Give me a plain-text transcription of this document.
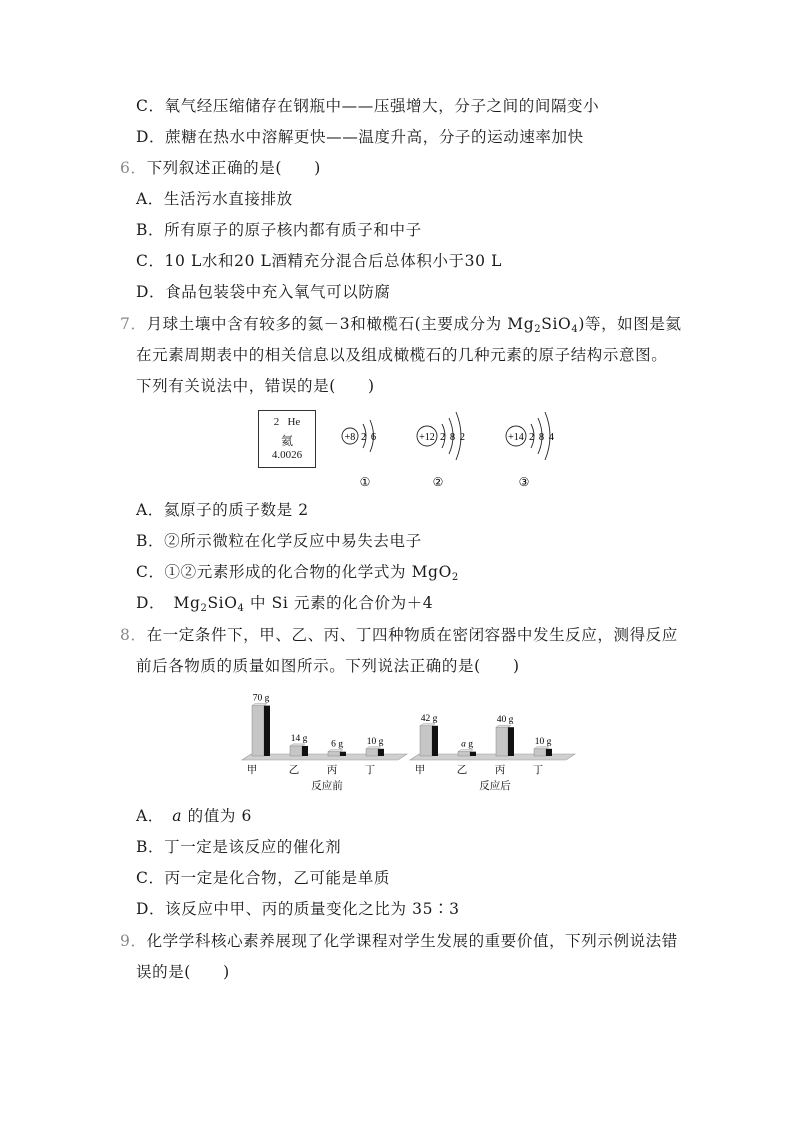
C．氧气经压缩储存在钢瓶中——压强增大，分子之间的间隔变小
D．蔗糖在热水中溶解更快——温度升高，分子的运动速率加快
6．下列叙述正确的是(　　)
A．生活污水直接排放
B．所有原子的原子核内都有质子和中子
C．10 L水和20 L酒精充分混合后总体积小于30 L
D．食品包装袋中充入氧气可以防腐
7．月球土壤中含有较多的氦－3和橄榄石(主要成分为 $Mg_2SiO_4$)等，如图是氦
在元素周期表中的相关信息以及组成橄榄石的几种元素的原子结构示意图。
下列有关说法中，错误的是(　　)
2 He
氦
4.0026
+8 2 6	+12 2 8 2	+14 2 8 4
①	②	③
A．氦原子的质子数是 2
B．②所示微粒在化学反应中易失去电子
C．①②元素形成的化合物的化学式为 MgO$_2$
D．　$Mg_2SiO_4$ 中 Si 元素的化合价为＋4
8．在一定条件下，甲、乙、丙、丁四种物质在密闭容器中发生反应，测得反应
前后各物质的质量如图所示。下列说法正确的是(　　)
70 g
甲
14 g
乙
6 g
丙
10 g
丁
反应前
42 g
甲
a g
乙
40 g
丙
10 g
丁
反应后
A．　a 的值为 6
B．丁一定是该反应的催化剂
C．丙一定是化合物，乙可能是单质
D．该反应中甲、丙的质量变化之比为 35∶3
9．化学学科核心素养展现了化学课程对学生发展的重要价值，下列示例说法错
误的是(　　)
